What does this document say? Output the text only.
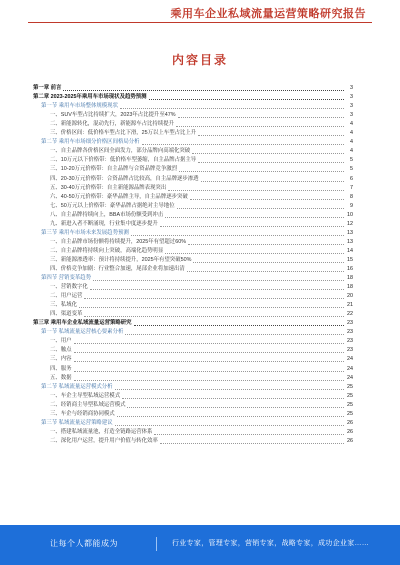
乘用车企业私域流量运营策略研究报告
内容目录
第一章 前言	3
第二章 2023-2025年乘用车市场现状及趋势预测	3
第一节 乘用车市场整体规模现状	3
一、SUV车型占比持续扩大，2023年占比提升至47%	3
二、新能源转化，混动先行，新能源车占比持续提升	4
三、价格区间：低价格车型占比下滑，25万以上车型占比上升	4
第二节 乘用车市场细分价格区间格局分析	4
一、自主品牌各价格区间全面发力，部分品牌向高端化突破	4
二、10万元以下价格带：低价格车型萎缩，自主品牌占据主导	5
三、10-20万元价格带：自主品牌与合资品牌竞争激烈	5
四、20-30万元价格带：合资品牌占比较高，自主品牌逐步渗透	6
五、30-40万元价格带：自主新能源品牌表现突出	7
六、40-50万元价格带：豪华品牌主导，自主品牌逐步突破	8
七、50万元以上价格带：豪华品牌占据绝对主导地位	9
八、自主品牌持续向上，BBA市场份额受到冲击	10
九、新进入者不断涌现，行业集中度逐步提升	12
第三节 乘用车市场未来发展趋势预测	13
一、自主品牌市场份额将持续提升，2025年有望超过60%	13
二、自主品牌将持续向上突破，高端化趋势明显	14
三、新能源渗透率：预计将持续提升，2025年有望突破50%	15
四、价格竞争加剧：行业整合加速，尾部企业将加速出清	16
第四节 营销变革趋势	18
一、营销数字化	18
二、用户运营	20
三、私域化	21
四、渠道变革	22
第三章 乘用车企业私域流量运营策略研究	23
第一节 私域流量运营核心要素分析	23
一、用户	23
二、触点	23
三、内容	24
四、服务	24
五、数据	24
第二节 私域流量运营模式分析	25
一、车企主导型私域运营模式	25
二、经销商主导型私域运营模式	25
三、车企与经销商协同模式	25
第三节 私域流量运营策略建议	26
一、搭建私域流量池，打造全链路运营体系	26
二、深化用户运营，提升用户价值与转化效率	26
让每个人都能成为	行业专家，管理专家，营销专家，战略专家，成功企业家……
